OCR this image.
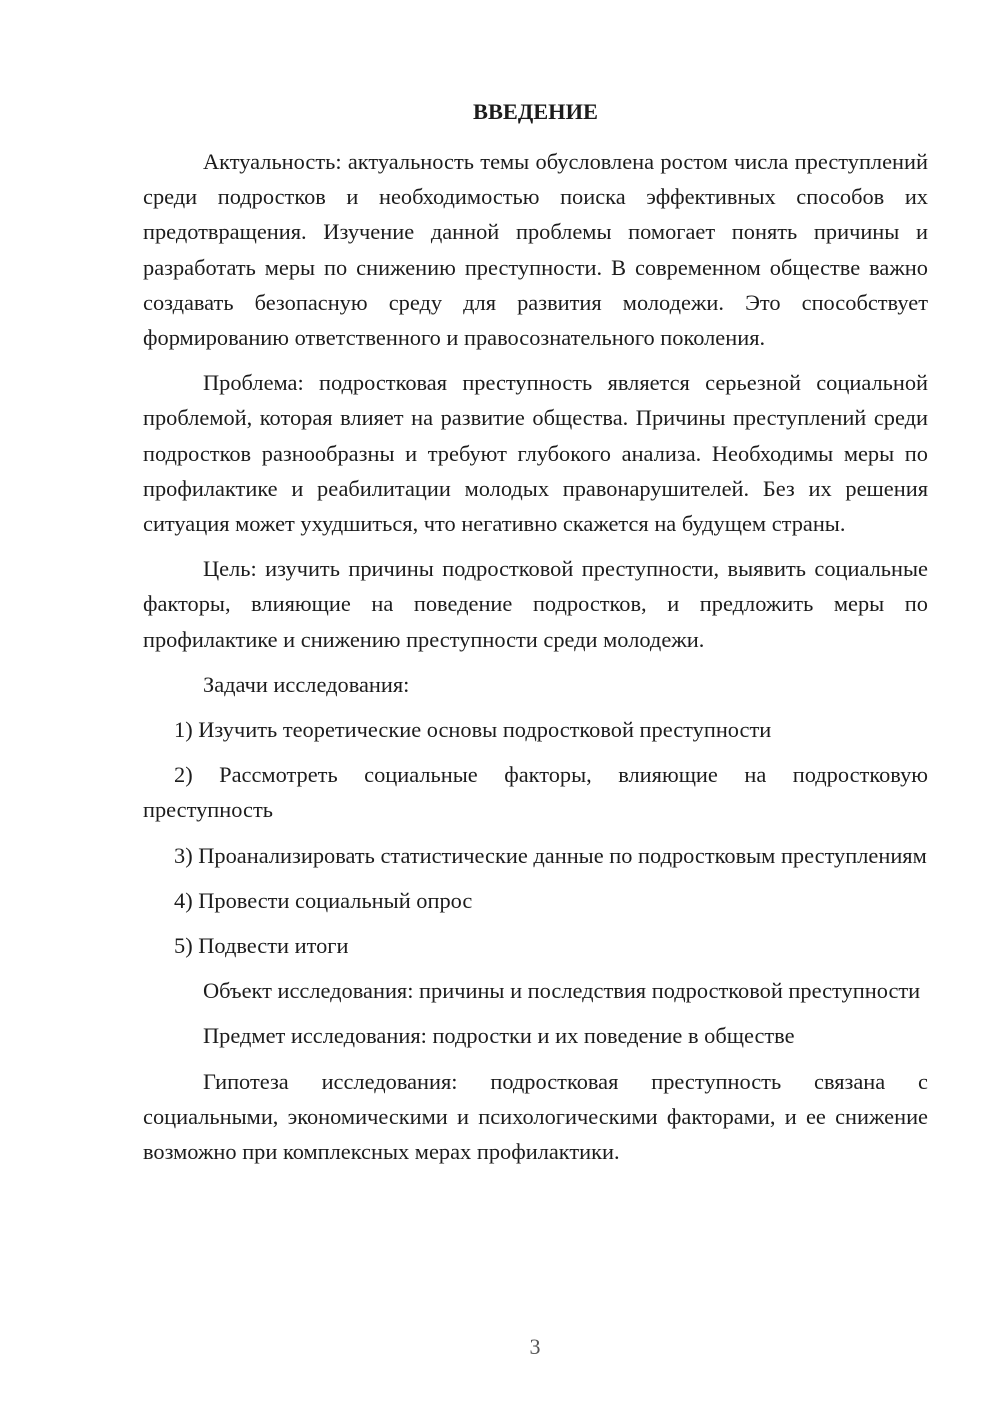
ВВЕДЕНИЕ

Актуальность: актуальность темы обусловлена ростом числа преступлений среди подростков и необходимостью поиска эффективных способов их предотвращения. Изучение данной проблемы помогает понять причины и разработать меры по снижению преступности. В современном обществе важно создавать безопасную среду для развития молодежи. Это способствует формированию ответственного и правосознательного поколения.

Проблема: подростковая преступность является серьезной социальной проблемой, которая влияет на развитие общества. Причины преступлений среди подростков разнообразны и требуют глубокого анализа. Необходимы меры по профилактике и реабилитации молодых правонарушителей. Без их решения ситуация может ухудшиться, что негативно скажется на будущем страны.

Цель: изучить причины подростковой преступности, выявить социальные факторы, влияющие на поведение подростков, и предложить меры по профилактике и снижению преступности среди молодежи.

Задачи исследования:

1) Изучить теоретические основы подростковой преступности

2) Рассмотреть социальные факторы, влияющие на подростковую преступность

3) Проанализировать статистические данные по подростковым преступлениям

4) Провести социальный опрос

5) Подвести итоги

Объект исследования: причины и последствия подростковой преступности

Предмет исследования: подростки и их поведение в обществе

Гипотеза исследования: подростковая преступность связана с социальными, экономическими и психологическими факторами, и ее снижение возможно при комплексных мерах профилактики.

3
